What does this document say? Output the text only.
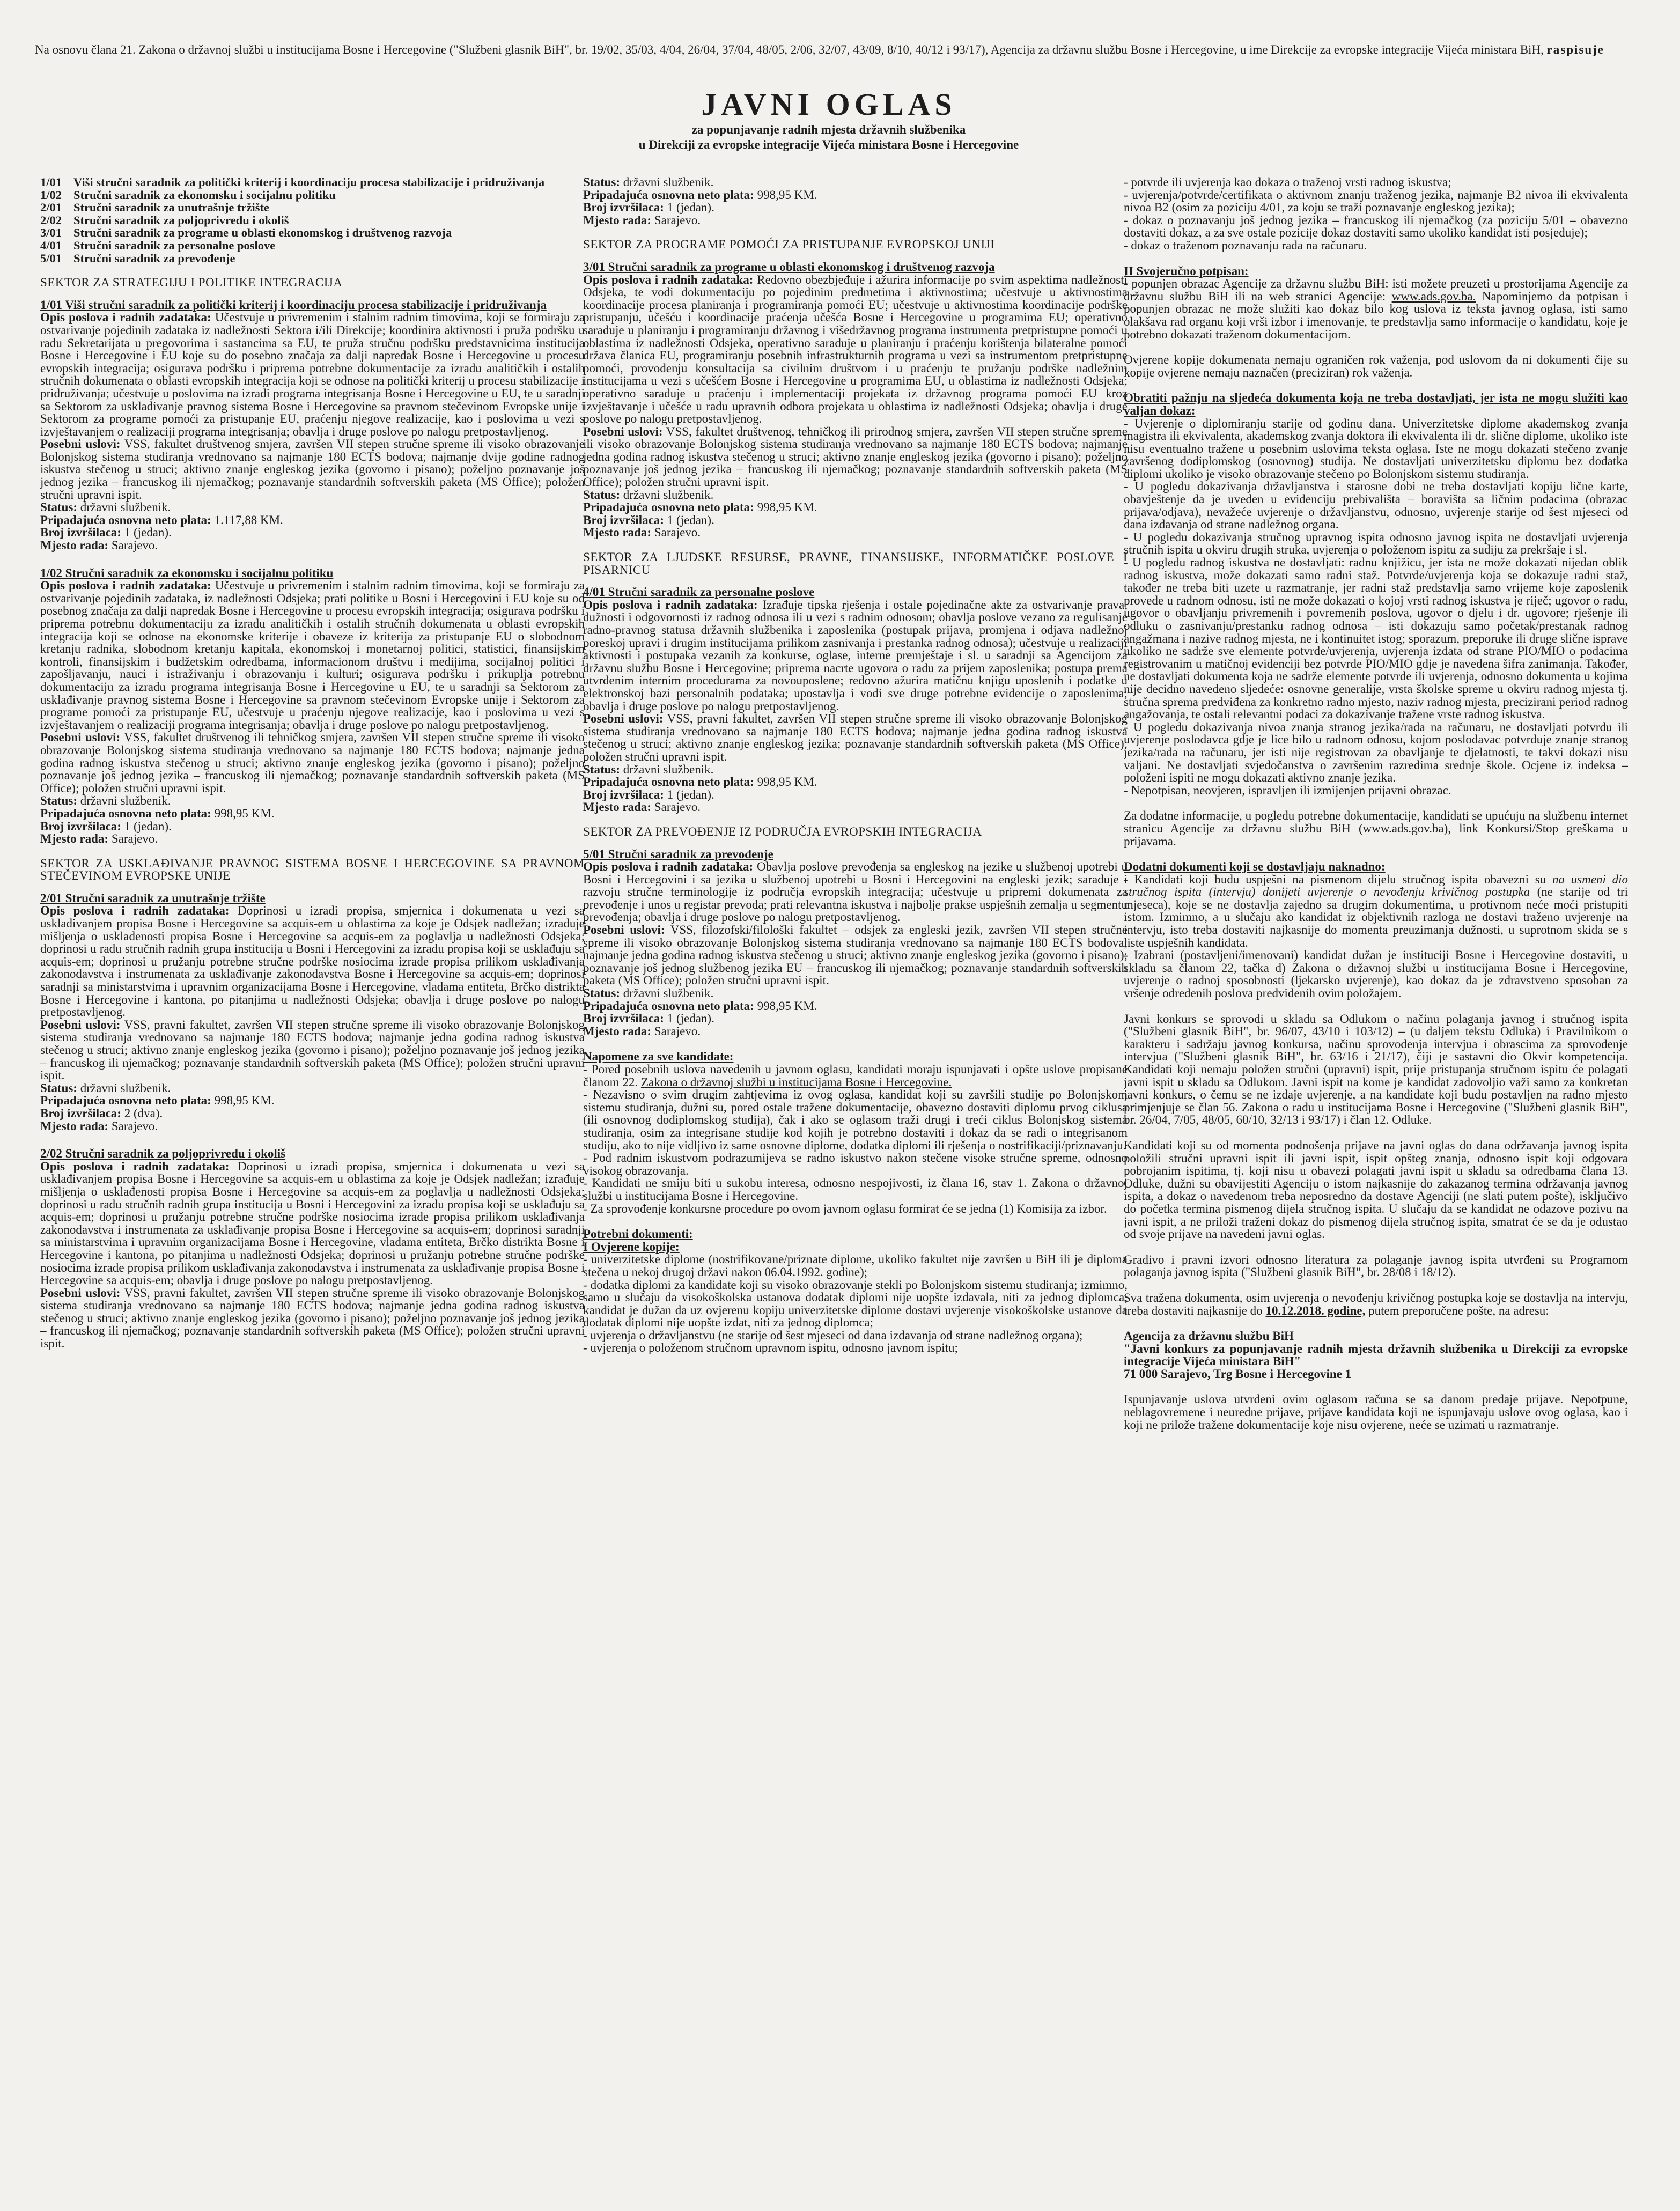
Na osnovu člana 21. Zakona o državnoj službi u institucijama Bosne i Hercegovine ("Službeni glasnik BiH", br. 19/02, 35/03, 4/04, 26/04, 37/04, 48/05, 2/06, 32/07, 43/09, 8/10, 40/12 i 93/17), Agencija za državnu službu Bosne i Hercegovine, u ime Direkcije za evropske integracije Vijeća ministara BiH, raspisuje
JAVNI OGLAS
za popunjavanje radnih mjesta državnih službenika
u Direkciji za evropske integracije Vijeća ministara Bosne i Hercegovine
1/01 Viši stručni saradnik za politički kriterij i koordinaciju procesa stabilizacije i pridruživanja
1/02 Stručni saradnik za ekonomsku i socijalnu politiku
2/01 Stručni saradnik za unutrašnje tržište
2/02 Stručni saradnik za poljoprivredu i okoliš
3/01 Stručni saradnik za programe u oblasti ekonomskog i društvenog razvoja
4/01 Stručni saradnik za personalne poslove
5/01 Stručni saradnik za prevođenje
SEKTOR ZA STRATEGIJU I POLITIKE INTEGRACIJA

1/01 Viši stručni saradnik za politički kriterij i koordinaciju procesa stabilizacije i pridruživanja

Opis poslova i radnih zadataka: Učestvuje u privremenim i stalnim radnim timovima, koji se formiraju za ostvarivanje pojedinih zadataka iz nadležnosti Sektora i/ili Direkcije; koordinira aktivnosti i pruža podršku u radu Sekretarijata u pregovorima i sastancima sa EU, te pruža stručnu podršku predstavnicima institucija Bosne i Hercegovine i EU koje su do posebno značaja za dalji napredak Bosne i Hercegovine u procesu evropskih integracija; osigurava podršku i priprema potrebne dokumentacije za izradu analitičkih i ostalih stručnih dokumenata o oblasti evropskih integracija koji se odnose na politički kriterij u procesu stabilizacije i pridruživanja; učestvuje u poslovima na izradi programa integrisanja Bosne i Hercegovine u EU, te u saradnji sa Sektorom za usklađivanje pravnog sistema Bosne i Hercegovine sa pravnom stečevinom Evropske unije i Sektorom za programe pomoći za pristupanje EU, praćenju njegove realizacije, kao i poslovima u vezi s izvještavanjem o realizaciji programa integrisanja; obavlja i druge poslove po nalogu pretpostavljenog.

Posebni uslovi: VSS, fakultet društvenog smjera, završen VII stepen stručne spreme ili visoko obrazovanje Bolonjskog sistema studiranja vrednovano sa najmanje 180 ECTS bodova; najmanje dvije godine radnog iskustva stečenog u struci; aktivno znanje engleskog jezika (govorno i pisano); poželjno poznavanje još jednog jezika – francuskog ili njemačkog; poznavanje standardnih softverskih paketa (MS Office); položen stručni upravni ispit.

Status: državni službenik.

Pripadajuća osnovna neto plata: 1.117,88 KM.

Broj izvršilaca: 1 (jedan).

Mjesto rada: Sarajevo.

1/02 Stručni saradnik za ekonomsku i socijalnu politiku

Opis poslova i radnih zadataka: Učestvuje u privremenim i stalnim radnim timovima, koji se formiraju za ostvarivanje pojedinih zadataka, iz nadležnosti Odsjeka; prati politike u Bosni i Hercegovini i EU koje su od posebnog značaja za dalji napredak Bosne i Hercegovine u procesu evropskih integracija; osigurava podršku i priprema potrebnu dokumentaciju za izradu analitičkih i ostalih stručnih dokumenata u oblasti evropskih integracija koji se odnose na ekonomske kriterije i obaveze iz kriterija za pristupanje EU o slobodnom kretanju radnika, slobodnom kretanju kapitala, ekonomskoj i monetarnoj politici, statistici, finansijskim kontroli, finansijskim i budžetskim odredbama, informacionom društvu i medijima, socijalnoj politici i zapošljavanju, nauci i istraživanju i obrazovanju i kulturi; osigurava podršku i prikuplja potrebnu dokumentaciju za izradu programa integrisanja Bosne i Hercegovine u EU, te u saradnji sa Sektorom za usklađivanje pravnog sistema Bosne i Hercegovine sa pravnom stečevinom Evropske unije i Sektorom za programe pomoći za pristupanje EU, učestvuje u praćenju njegove realizacije, kao i poslovima u vezi s izvještavanjem o realizaciji programa integrisanja; obavlja i druge poslove po nalogu pretpostavljenog.

Posebni uslovi: VSS, fakultet društvenog ili tehničkog smjera, završen VII stepen stručne spreme ili visoko obrazovanje Bolonjskog sistema studiranja vrednovano sa najmanje 180 ECTS bodova; najmanje jedna godina radnog iskustva stečenog u struci; aktivno znanje engleskog jezika (govorno i pisano); poželjno poznavanje još jednog jezika – francuskog ili njemačkog; poznavanje standardnih softverskih paketa (MS Office); položen stručni upravni ispit.

Status: državni službenik.

Pripadajuća osnovna neto plata: 998,95 KM.

Broj izvršilaca: 1 (jedan).

Mjesto rada: Sarajevo.

SEKTOR ZA USKLAĐIVANJE PRAVNOG SISTEMA BOSNE I HERCEGOVINE SA PRAVNOM STEČEVINOM EVROPSKE UNIJE

2/01 Stručni saradnik za unutrašnje tržište

Opis poslova i radnih zadataka: Doprinosi u izradi propisa, smjernica i dokumenata u vezi sa usklađivanjem propisa Bosne i Hercegovine sa acquis-em u oblastima za koje je Odsjek nadležan; izrađuje mišljenja o usklađenosti propisa Bosne i Hercegovine sa acquis-em za poglavlja u nadležnosti Odsjeka; doprinosi u radu stručnih radnih grupa institucija u Bosni i Hercegovini za izradu propisa koji se usklađuju sa acquis-em; doprinosi u pružanju potrebne stručne podrške nosiocima izrade propisa prilikom usklađivanja zakonodavstva i instrumenata za usklađivanje zakonodavstva Bosne i Hercegovine sa acquis-em; doprinosi saradnji sa ministarstvima i upravnim organizacijama Bosne i Hercegovine, vladama entiteta, Brčko distrikta Bosne i Hercegovine i kantona, po pitanjima u nadležnosti Odsjeka; obavlja i druge poslove po nalogu pretpostavljenog.

Posebni uslovi: VSS, pravni fakultet, završen VII stepen stručne spreme ili visoko obrazovanje Bolonjskog sistema studiranja vrednovano sa najmanje 180 ECTS bodova; najmanje jedna godina radnog iskustva stečenog u struci; aktivno znanje engleskog jezika (govorno i pisano); poželjno poznavanje još jednog jezika – francuskog ili njemačkog; poznavanje standardnih softverskih paketa (MS Office); položen stručni upravni ispit.

Status: državni službenik.

Pripadajuća osnovna neto plata: 998,95 KM.

Broj izvršilaca: 2 (dva).

Mjesto rada: Sarajevo.

2/02 Stručni saradnik za poljoprivredu i okoliš

Opis poslova i radnih zadataka: Doprinosi u izradi propisa, smjernica i dokumenata u vezi sa usklađivanjem propisa Bosne i Hercegovine sa acquis-em u oblastima za koje je Odsjek nadležan; izrađuje mišljenja o usklađenosti propisa Bosne i Hercegovine sa acquis-em za poglavlja u nadležnosti Odsjeka; doprinosi u radu stručnih radnih grupa institucija u Bosni i Hercegovini za izradu propisa koji se usklađuju sa acquis-em; doprinosi u pružanju potrebne stručne podrške nosiocima izrade propisa prilikom usklađivanja zakonodavstva i instrumenata za usklađivanje propisa Bosne i Hercegovine sa acquis-em; doprinosi saradnji sa ministarstvima i upravnim organizacijama Bosne i Hercegovine, vladama entiteta, Brčko distrikta Bosne i Hercegovine i kantona, po pitanjima u nadležnosti Odsjeka; doprinosi u pružanju potrebne stručne podrške nosiocima izrade propisa prilikom usklađivanja zakonodavstva i instrumenata za usklađivanje propisa Bosne i Hercegovine sa acquis-em; obavlja i druge poslove po nalogu pretpostavljenog.

Posebni uslovi: VSS, pravni fakultet, završen VII stepen stručne spreme ili visoko obrazovanje Bolonjskog sistema studiranja vrednovano sa najmanje 180 ECTS bodova; najmanje jedna godina radnog iskustva stečenog u struci; aktivno znanje engleskog jezika (govorno i pisano); poželjno poznavanje još jednog jezika – francuskog ili njemačkog; poznavanje standardnih softverskih paketa (MS Office); položen stručni upravni ispit.

Status: državni službenik.

Pripadajuća osnovna neto plata: 998,95 KM.

Broj izvršilaca: 1 (jedan).

Mjesto rada: Sarajevo.

SEKTOR ZA PROGRAME POMOĆI ZA PRISTUPANJE EVROPSKOJ UNIJI

3/01 Stručni saradnik za programe u oblasti ekonomskog i društvenog razvoja

Opis poslova i radnih zadataka: Redovno obezbjeđuje i ažurira informacije po svim aspektima nadležnosti Odsjeka, te vodi dokumentaciju po pojedinim predmetima i aktivnostima; učestvuje u aktivnostima koordinacije procesa planiranja i programiranja pomoći EU; učestvuje u aktivnostima koordinacije podrške pristupanju, učešću i koordinacije praćenja učešća Bosne i Hercegovine u programima EU; operativno sarađuje u planiranju i programiranju državnog i višedržavnog programa instrumenta pretpristupne pomoći u oblastima iz nadležnosti Odsjeka, operativno sarađuje u planiranju i praćenju korištenja bilateralne pomoći država članica EU, programiranju posebnih infrastrukturnih programa u vezi sa instrumentom pretpristupne pomoći, provođenju konsultacija sa civilnim društvom i u praćenju te pružanju podrške nadležnim institucijama u vezi s učešćem Bosne i Hercegovine u programima EU, u oblastima iz nadležnosti Odsjeka; operativno sarađuje u praćenju i implementaciji projekata iz državnog programa pomoći EU kroz izvještavanje i učešće u radu upravnih odbora projekata u oblastima iz nadležnosti Odsjeka; obavlja i druge poslove po nalogu pretpostavljenog.

Posebni uslovi: VSS, fakultet društvenog, tehničkog ili prirodnog smjera, završen VII stepen stručne spreme ili visoko obrazovanje Bolonjskog sistema studiranja vrednovano sa najmanje 180 ECTS bodova; najmanje jedna godina radnog iskustva stečenog u struci; aktivno znanje engleskog jezika (govorno i pisano); poželjno poznavanje još jednog jezika – francuskog ili njemačkog; poznavanje standardnih softverskih paketa (MS Office); položen stručni upravni ispit.

Status: državni službenik.

Pripadajuća osnovna neto plata: 998,95 KM.

Broj izvršilaca: 1 (jedan).

Mjesto rada: Sarajevo.

SEKTOR ZA LJUDSKE RESURSE, PRAVNE, FINANSIJSKE, INFORMATIČKE POSLOVE I PISARNICU

4/01 Stručni saradnik za personalne poslove

Opis poslova i radnih zadataka: Izrađuje tipska rješenja i ostale pojedinačne akte za ostvarivanje prava, dužnosti i odgovornosti iz radnog odnosa ili u vezi s radnim odnosom; obavlja poslove vezano za regulisanje radno-pravnog statusa državnih službenika i zaposlenika (postupak prijava, promjena i odjava nadležnoj poreskoj upravi i drugim institucijama prilikom zasnivanja i prestanka radnog odnosa); učestvuje u realizaciji aktivnosti i postupaka vezanih za konkurse, oglase, interne premještaje i sl. u saradnji sa Agencijom za državnu službu Bosne i Hercegovine; priprema nacrte ugovora o radu za prijem zaposlenika; postupa prema utvrđenim internim procedurama za novouposlene; redovno ažurira matičnu knjigu uposlenih i podatke u elektronskoj bazi personalnih podataka; upostavlja i vodi sve druge potrebne evidencije o zaposlenima; obavlja i druge poslove po nalogu pretpostavljenog.

Posebni uslovi: VSS, pravni fakultet, završen VII stepen stručne spreme ili visoko obrazovanje Bolonjskog sistema studiranja vrednovano sa najmanje 180 ECTS bodova; najmanje jedna godina radnog iskustva stečenog u struci; aktivno znanje engleskog jezika; poznavanje standardnih softverskih paketa (MS Office); položen stručni upravni ispit.

Status: državni službenik.

Pripadajuća osnovna neto plata: 998,95 KM.

Broj izvršilaca: 1 (jedan).

Mjesto rada: Sarajevo.

SEKTOR ZA PREVOĐENJE IZ PODRUČJA EVROPSKIH INTEGRACIJA

5/01 Stručni saradnik za prevođenje

Opis poslova i radnih zadataka: Obavlja poslove prevođenja sa engleskog na jezike u službenoj upotrebi u Bosni i Hercegovini i sa jezika u službenoj upotrebi u Bosni i Hercegovini na engleski jezik; sarađuje i razvoju stručne terminologije iz područja evropskih integracija; učestvuje u pripremi dokumenata za prevođenje i unos u registar prevoda; prati relevantna iskustva i najbolje prakse uspješnih zemalja u segmentu prevođenja; obavlja i druge poslove po nalogu pretpostavljenog.

Posebni uslovi: VSS, filozofski/filološki fakultet – odsjek za engleski jezik, završen VII stepen stručne spreme ili visoko obrazovanje Bolonjskog sistema studiranja vrednovano sa najmanje 180 ECTS bodova; najmanje jedna godina radnog iskustva stečenog u struci; aktivno znanje engleskog jezika (govorno i pisano); poznavanje još jednog službenog jezika EU – francuskog ili njemačkog; poznavanje standardnih softverskih paketa (MS Office); položen stručni upravni ispit.

Status: državni službenik.

Pripadajuća osnovna neto plata: 998,95 KM.

Broj izvršilaca: 1 (jedan).

Mjesto rada: Sarajevo.

Napomene za sve kandidate:

- Pored posebnih uslova navedenih u javnom oglasu, kandidati moraju ispunjavati i opšte uslove propisane članom 22. Zakona o državnoj službi u institucijama Bosne i Hercegovine.

- Nezavisno o svim drugim zahtjevima iz ovog oglasa, kandidat koji su završili studije po Bolonjskom sistemu studiranja, dužni su, pored ostale tražene dokumentacije, obavezno dostaviti diplomu prvog ciklusa (ili osnovnog dodiplomskog studija), čak i ako se oglasom traži drugi i treći ciklus Bolonjskog sistema studiranja, osim za integrisane studije kod kojih je potrebno dostaviti i dokaz da se radi o integrisanom studiju, ako to nije vidljivo iz same osnovne diplome, dodatka diplomi ili rješenja o nostrifikaciji/priznavanju.

- Pod radnim iskustvom podrazumijeva se radno iskustvo nakon stečene visoke stručne spreme, odnosno visokog obrazovanja.

- Kandidati ne smiju biti u sukobu interesa, odnosno nespojivosti, iz člana 16, stav 1. Zakona o državnoj službi u institucijama Bosne i Hercegovine.

- Za sprovođenje konkursne procedure po ovom javnom oglasu formirat će se jedna (1) Komisija za izbor.

Potrebni dokumenti:

I Ovjerene kopije:

- univerzitetske diplome (nostrifikovane/priznate diplome, ukoliko fakultet nije završen u BiH ili je diploma stečena u nekoj drugoj državi nakon 06.04.1992. godine);

- dodatka diplomi za kandidate koji su visoko obrazovanje stekli po Bolonjskom sistemu studiranja; izmimno, samo u slučaju da visokoškolska ustanova dodatak diplomi nije uopšte izdavala, niti za jednog diplomca, kandidat je dužan da uz ovjerenu kopiju univerzitetske diplome dostavi uvjerenje visokoškolske ustanove da dodatak diplomi nije uopšte izdat, niti za jednog diplomca;

- uvjerenja o državljanstvu (ne starije od šest mjeseci od dana izdavanja od strane nadležnog organa);

- uvjerenja o položenom stručnom upravnom ispitu, odnosno javnom ispitu;

- potvrde ili uvjerenja kao dokaza o traženoj vrsti radnog iskustva;

- uvjerenja/potvrde/certifikata o aktivnom znanju traženog jezika, najmanje B2 nivoa ili ekvivalenta nivoa B2 (osim za poziciju 4/01, za koju se traži poznavanje engleskog jezika);

- dokaz o poznavanju još jednog jezika – francuskog ili njemačkog (za poziciju 5/01 – obavezno dostaviti dokaz, a za sve ostale pozicije dokaz dostaviti samo ukoliko kandidat isti posjeduje);

- dokaz o traženom poznavanju rada na računaru.

II Svojeručno potpisan:

- popunjen obrazac Agencije za državnu službu BiH: isti možete preuzeti u prostorijama Agencije za državnu službu BiH ili na web stranici Agencije: www.ads.gov.ba. Napominjemo da potpisan i popunjen obrazac ne može služiti kao dokaz bilo kog uslova iz teksta javnog oglasa, isti samo olakšava rad organu koji vrši izbor i imenovanje, te predstavlja samo informacije o kandidatu, koje je potrebno dokazati traženom dokumentacijom.

Ovjerene kopije dokumenata nemaju ograničen rok važenja, pod uslovom da ni dokumenti čije su kopije ovjerene nemaju naznačen (preciziran) rok važenja.

Obratiti pažnju na sljedeća dokumenta koja ne treba dostavljati, jer ista ne mogu služiti kao valjan dokaz:

- Uvjerenje o diplomiranju starije od godinu dana. Univerzitetske diplome akademskog zvanja magistra ili ekvivalenta, akademskog zvanja doktora ili ekvivalenta ili dr. slične diplome, ukoliko iste nisu eventualno tražene u posebnim uslovima teksta oglasa. Iste ne mogu dokazati stečeno zvanje završenog dodiplomskog (osnovnog) studija. Ne dostavljati univerzitetsku diplomu bez dodatka diplomi ukoliko je visoko obrazovanje stečeno po Bolonjskom sistemu studiranja.

- U pogledu dokazivanja državljanstva i starosne dobi ne treba dostavljati kopiju lične karte, obavještenje da je uveden u evidenciju prebivališta – boravišta sa ličnim podacima (obrazac prijava/odjava), nevažeće uvjerenje o državljanstvu, odnosno, uvjerenje starije od šest mjeseci od dana izdavanja od strane nadležnog organa.

- U pogledu dokazivanja stručnog upravnog ispita odnosno javnog ispita ne dostavljati uvjerenja stručnih ispita u okviru drugih struka, uvjerenja o položenom ispitu za sudiju za prekršaje i sl.

- U pogledu radnog iskustva ne dostavljati: radnu knjižicu, jer ista ne može dokazati nijedan oblik radnog iskustva, može dokazati samo radni staž. Potvrde/uvjerenja koja se dokazuje radni staž, također ne treba biti uzete u razmatranje, jer radni staž predstavlja samo vrijeme koje zaposlenik provede u radnom odnosu, isti ne može dokazati o kojoj vrsti radnog iskustva je riječ; ugovor o radu, ugovor o obavljanju privremenih i povremenih poslova, ugovor o djelu i dr. ugovore; rješenje ili odluku o zasnivanju/prestanku radnog odnosa – isti dokazuju samo početak/prestanak radnog angažmana i nazive radnog mjesta, ne i kontinuitet istog; sporazum, preporuke ili druge slične isprave ukoliko ne sadrže sve elemente potvrde/uvjerenja, uvjerenja izdata od strane PIO/MIO o podacima registrovanim u matičnoj evidenciji bez potvrde PIO/MIO gdje je navedena šifra zanimanja. Također, ne dostavljati dokumenta koja ne sadrže elemente potvrde ili uvjerenja, odnosno dokumenta u kojima nije decidno navedeno sljedeće: osnovne generalije, vrsta školske spreme u okviru radnog mjesta tj. stručna sprema predviđena za konkretno radno mjesto, naziv radnog mjesta, precizirani period radnog angažovanja, te ostali relevantni podaci za dokazivanje tražene vrste radnog iskustva.

- U pogledu dokazivanja nivoa znanja stranog jezika/rada na računaru, ne dostavljati potvrdu ili uvjerenje poslodavca gdje je lice bilo u radnom odnosu, kojom poslodavac potvrđuje znanje stranog jezika/rada na računaru, jer isti nije registrovan za obavljanje te djelatnosti, te takvi dokazi nisu valjani. Ne dostavljati svjedočanstva o završenim razredima srednje škole. Ocjene iz indeksa – položeni ispiti ne mogu dokazati aktivno znanje jezika.

- Nepotpisan, neovjeren, ispravljen ili izmijenjen prijavni obrazac.

Za dodatne informacije, u pogledu potrebne dokumentacije, kandidati se upućuju na službenu internet stranicu Agencije za državnu službu BiH (www.ads.gov.ba), link Konkursi/Stop greškama u prijavama.

Dodatni dokumenti koji se dostavljaju naknadno:

- Kandidati koji budu uspješni na pismenom dijelu stručnog ispita obavezni su na usmeni dio stručnog ispita (intervju) donijeti uvjerenje o nevođenju krivičnog postupka (ne starije od tri mjeseca), koje se ne dostavlja zajedno sa drugim dokumentima, u protivnom neće moći pristupiti istom. Izmimno, a u slučaju ako kandidat iz objektivnih razloga ne dostavi traženo uvjerenje na intervju, isto treba dostaviti najkasnije do momenta preuzimanja dužnosti, u suprotnom skida se s liste uspješnih kandidata.

- Izabrani (postavljeni/imenovani) kandidat dužan je instituciji Bosne i Hercegovine dostaviti, u skladu sa članom 22, tačka d) Zakona o državnoj službi u institucijama Bosne i Hercegovine, uvjerenje o radnoj sposobnosti (ljekarsko uvjerenje), kao dokaz da je zdravstveno sposoban za vršenje određenih poslova predviđenih ovim položajem.

Javni konkurs se sprovodi u skladu sa Odlukom o načinu polaganja javnog i stručnog ispita ("Službeni glasnik BiH", br. 96/07, 43/10 i 103/12) – (u daljem tekstu Odluka) i Pravilnikom o karakteru i sadržaju javnog konkursa, načinu sprovođenja intervjua i obrascima za sprovođenje intervjua ("Službeni glasnik BiH", br. 63/16 i 21/17), čiji je sastavni dio Okvir kompetencija. Kandidati koji nemaju položen stručni (upravni) ispit, prije pristupanja stručnom ispitu će polagati javni ispit u skladu sa Odlukom. Javni ispit na kome je kandidat zadovoljio važi samo za konkretan javni konkurs, o čemu se ne izdaje uvjerenje, a na kandidate koji budu postavljen na radno mjesto primjenjuje se član 56. Zakona o radu u institucijama Bosne i Hercegovine ("Službeni glasnik BiH", br. 26/04, 7/05, 48/05, 60/10, 32/13 i 93/17) i član 12. Odluke.

Kandidati koji su od momenta podnošenja prijave na javni oglas do dana održavanja javnog ispita položili stručni upravni ispit ili javni ispit, ispit opšteg znanja, odnosno ispit koji odgovara pobrojanim ispitima, tj. koji nisu u obavezi polagati javni ispit u skladu sa odredbama člana 13. Odluke, dužni su obavijestiti Agenciju o istom najkasnije do zakazanog termina održavanja javnog ispita, a dokaz o navedenom treba neposredno da dostave Agenciji (ne slati putem pošte), isključivo do početka termina pismenog dijela stručnog ispita. U slučaju da se kandidat ne odazove pozivu na javni ispit, a ne priloži traženi dokaz do pismenog dijela stručnog ispita, smatrat će se da je odustao od svoje prijave na navedeni javni oglas.

Gradivo i pravni izvori odnosno literatura za polaganje javnog ispita utvrđeni su Programom polaganja javnog ispita ("Službeni glasnik BiH", br. 28/08 i 18/12).

Sva tražena dokumenta, osim uvjerenja o nevođenju krivičnog postupka koje se dostavlja na intervju, treba dostaviti najkasnije do 10.12.2018. godine, putem preporučene pošte, na adresu:

Agencija za državnu službu BiH

"Javni konkurs za popunjavanje radnih mjesta državnih službenika u Direkciji za evropske integracije Vijeća ministara BiH"

71 000 Sarajevo, Trg Bosne i Hercegovine 1

Ispunjavanje uslova utvrđeni ovim oglasom računa se sa danom predaje prijave. Nepotpune, neblagovremene i neuredne prijave, prijave kandidata koji ne ispunjavaju uslove ovog oglasa, kao i koji ne prilože tražene dokumentacije koje nisu ovjerene, neće se uzimati u razmatranje.
